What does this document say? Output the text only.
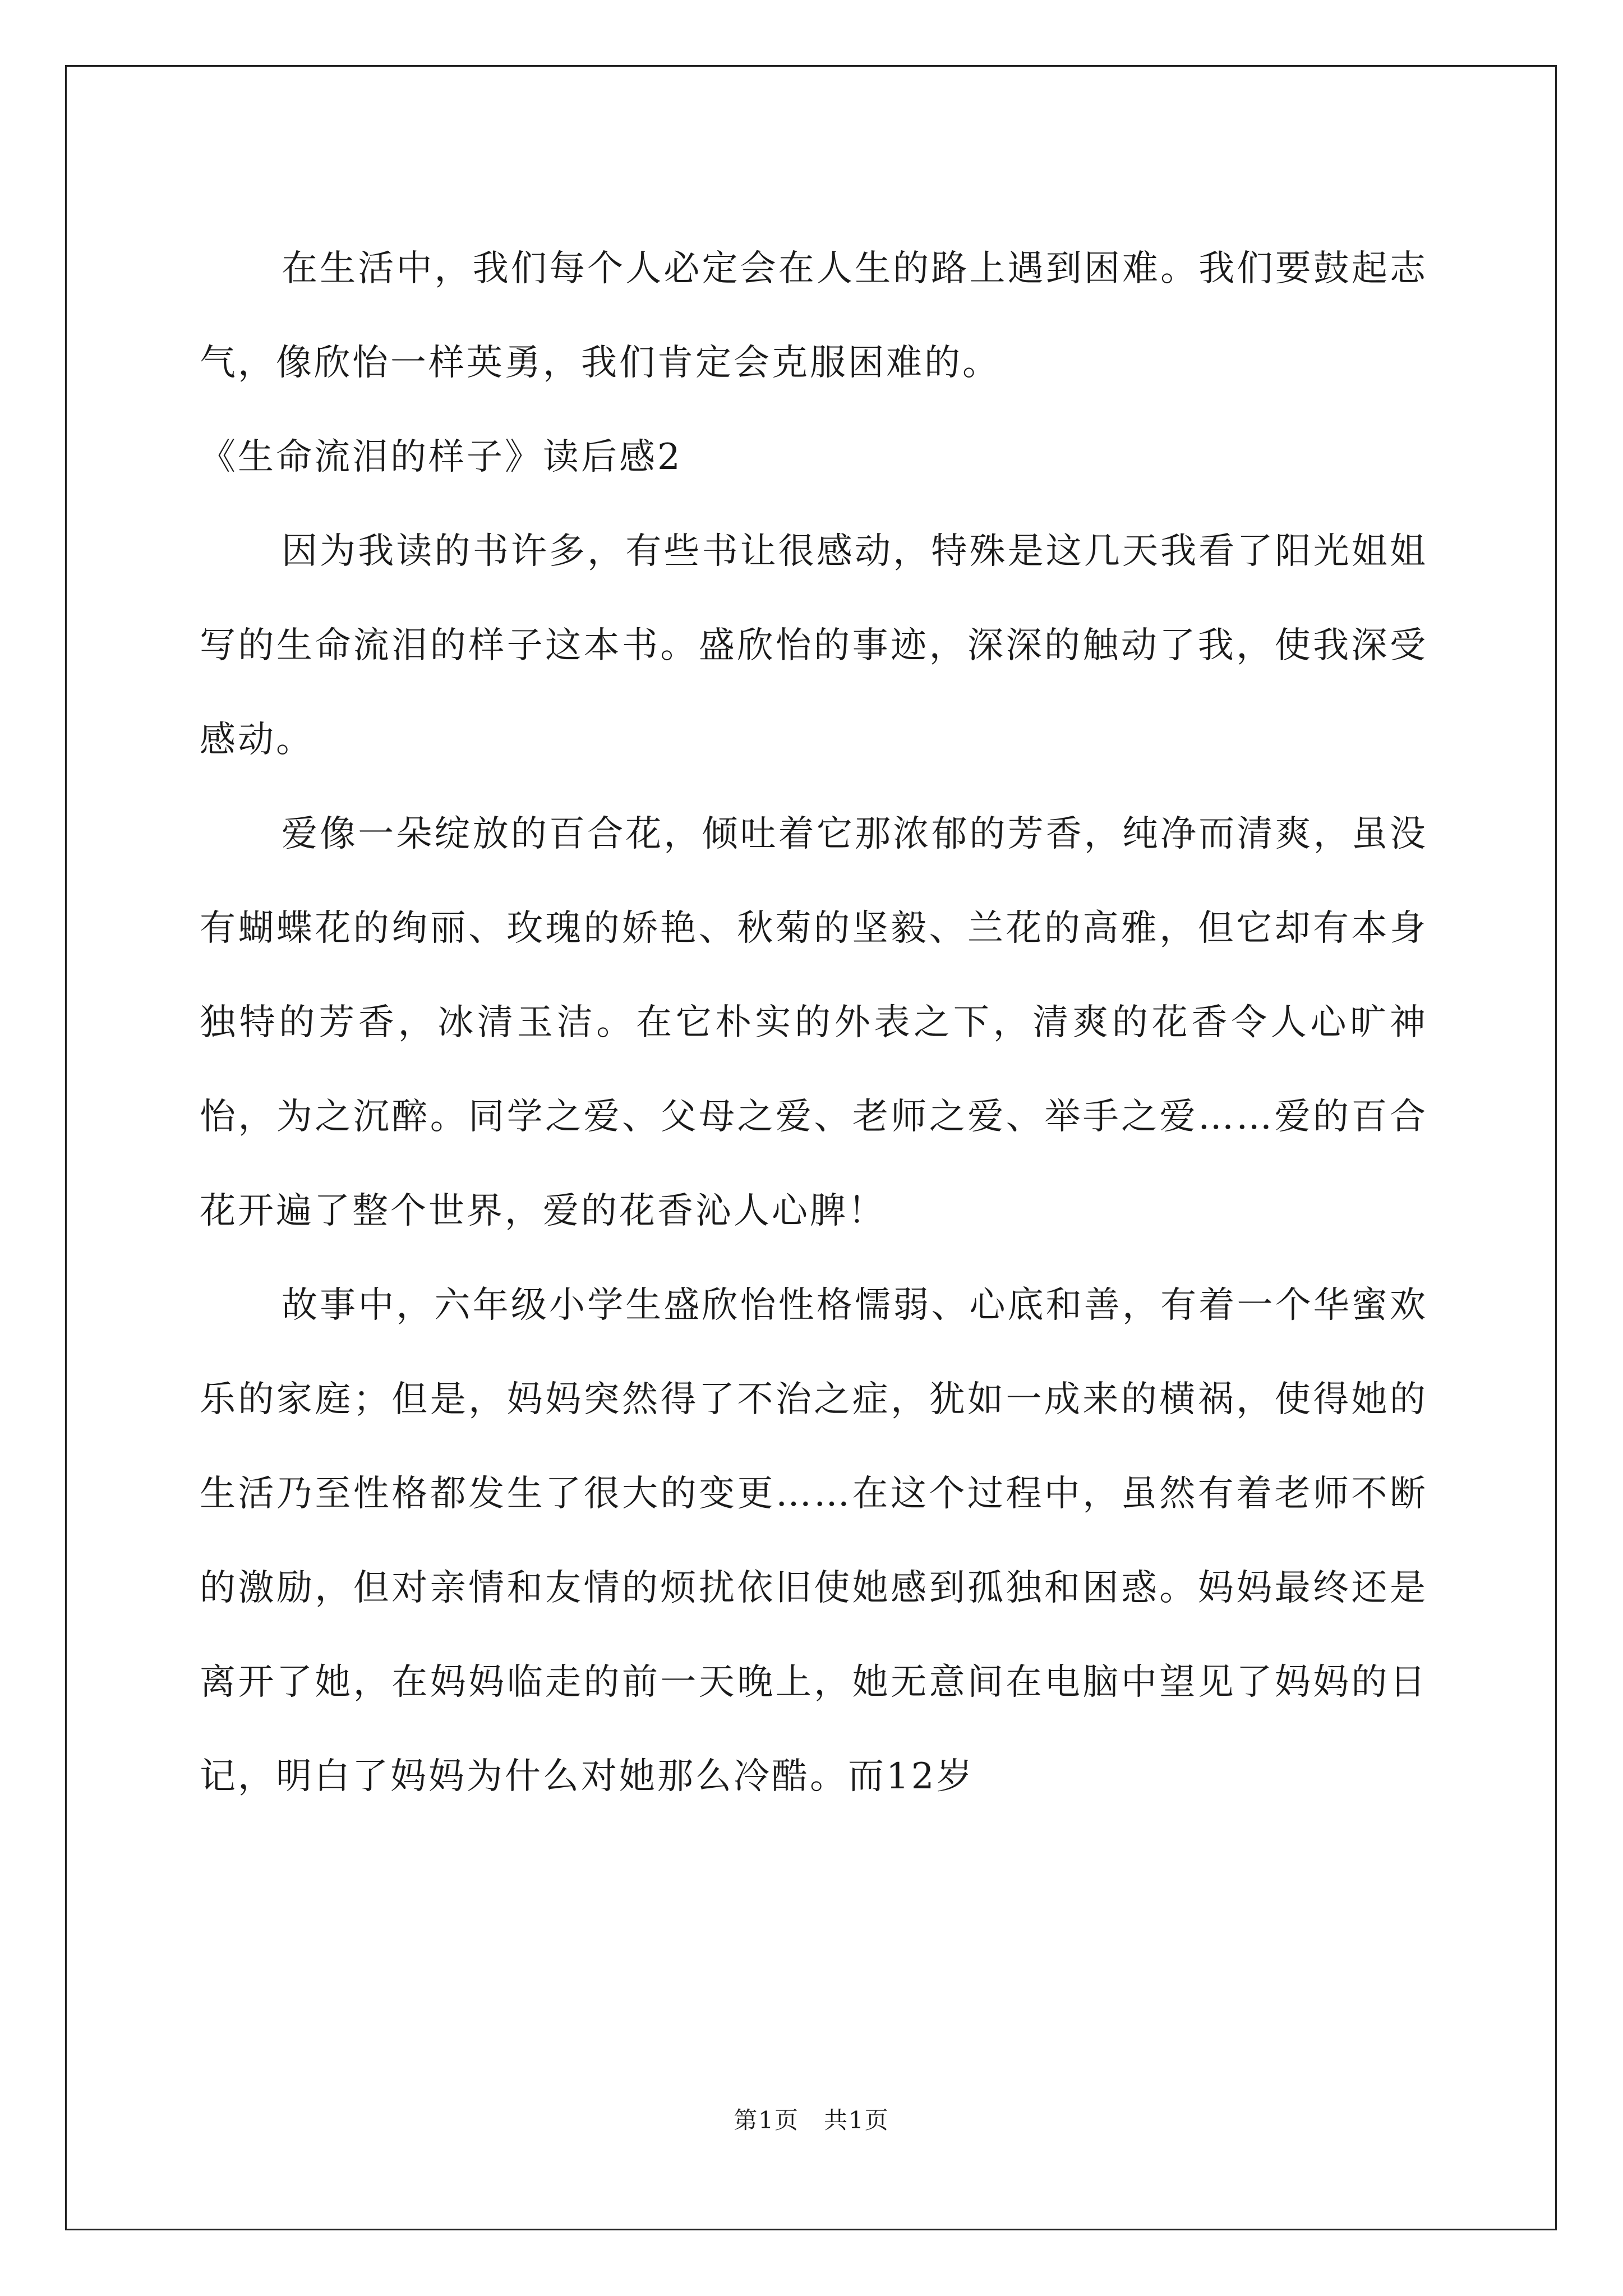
在生活中，我们每个人必定会在人生的路上遇到困难。我们要鼓起志气，像欣怡一样英勇，我们肯定会克服困难的。

《生命流泪的样子》读后感2

因为我读的书许多，有些书让很感动，特殊是这几天我看了阳光姐姐写的生命流泪的样子这本书。盛欣怡的事迹，深深的触动了我，使我深受感动。

爱像一朵绽放的百合花，倾吐着它那浓郁的芳香，纯净而清爽，虽没有蝴蝶花的绚丽、玫瑰的娇艳、秋菊的坚毅、兰花的高雅，但它却有本身独特的芳香，冰清玉洁。在它朴实的外表之下，清爽的花香令人心旷神怡，为之沉醉。同学之爱、父母之爱、老师之爱、举手之爱……爱的百合花开遍了整个世界，爱的花香沁人心脾！

故事中，六年级小学生盛欣怡性格懦弱、心底和善，有着一个华蜜欢乐的家庭；但是，妈妈突然得了不治之症，犹如一成来的横祸，使得她的生活乃至性格都发生了很大的变更……在这个过程中，虽然有着老师不断的激励，但对亲情和友情的烦扰依旧使她感到孤独和困惑。妈妈最终还是离开了她，在妈妈临走的前一天晚上，她无意间在电脑中望见了妈妈的日记，明白了妈妈为什么对她那么冷酷。而12岁

第1页　共1页
